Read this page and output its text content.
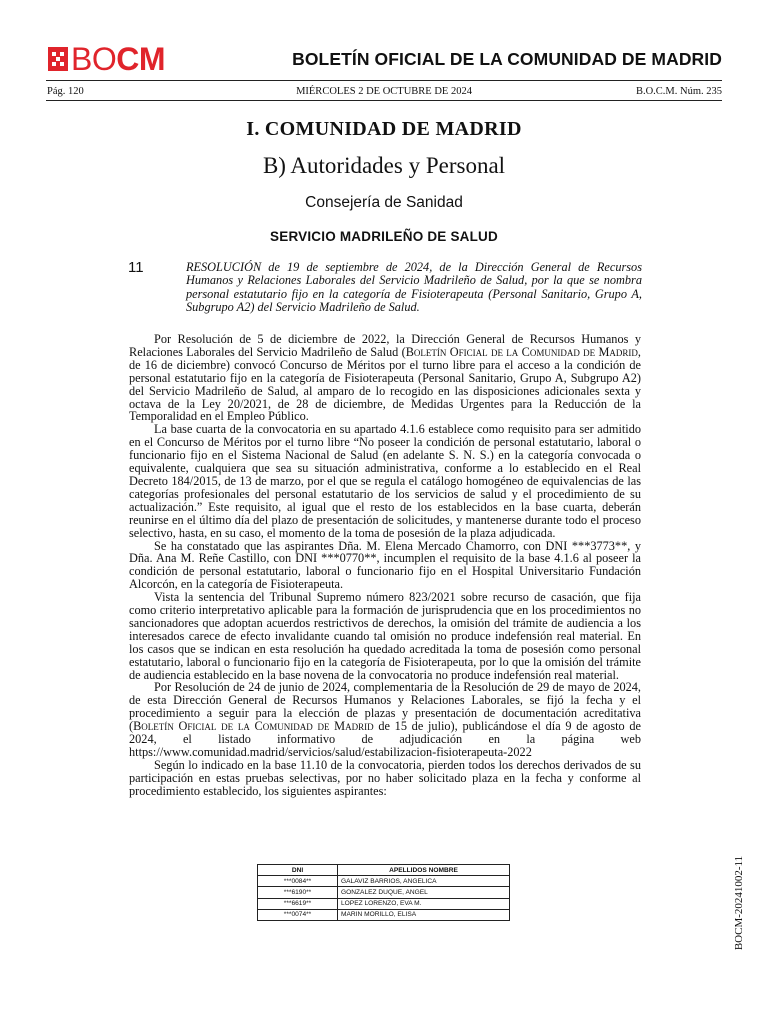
BOCM	BOLETÍN OFICIAL DE LA COMUNIDAD DE MADRID
Pág. 120	MIÉRCOLES 2 DE OCTUBRE DE 2024	B.O.C.M. Núm. 235
I. COMUNIDAD DE MADRID
B) Autoridades y Personal
Consejería de Sanidad
SERVICIO MADRILEÑO DE SALUD
11	RESOLUCIÓN de 19 de septiembre de 2024, de la Dirección General de Recursos Humanos y Relaciones Laborales del Servicio Madrileño de Salud, por la que se nombra personal estatutario fijo en la categoría de Fisioterapeuta (Personal Sanitario, Grupo A, Subgrupo A2) del Servicio Madrileño de Salud.

Por Resolución de 5 de diciembre de 2022, la Dirección General de Recursos Humanos y Relaciones Laborales del Servicio Madrileño de Salud (Boletín Oficial de la Comunidad de Madrid, de 16 de diciembre) convocó Concurso de Méritos por el turno libre para el acceso a la condición de personal estatutario fijo en la categoría de Fisioterapeuta (Personal Sanitario, Grupo A, Subgrupo A2) del Servicio Madrileño de Salud, al amparo de lo recogido en las disposiciones adicionales sexta y octava de la Ley 20/2021, de 28 de diciembre, de Medidas Urgentes para la Reducción de la Temporalidad en el Empleo Público.

La base cuarta de la convocatoria en su apartado 4.1.6 establece como requisito para ser admitido en el Concurso de Méritos por el turno libre “No poseer la condición de personal estatutario, laboral o funcionario fijo en el Sistema Nacional de Salud (en adelante S. N. S.) en la categoría convocada o equivalente, cualquiera que sea su situación administrativa, conforme a lo establecido en el Real Decreto 184/2015, de 13 de marzo, por el que se regula el catálogo homogéneo de equivalencias de las categorías profesionales del personal estatutario de los servicios de salud y el procedimiento de su actualización.” Este requisito, al igual que el resto de los establecidos en la base cuarta, deberán reunirse en el último día del plazo de presentación de solicitudes, y mantenerse durante todo el proceso selectivo, hasta, en su caso, el momento de la toma de posesión de la plaza adjudicada.

Se ha constatado que las aspirantes Dña. M. Elena Mercado Chamorro, con DNI ***3773**, y Dña. Ana M. Reñe Castillo, con DNI ***0770**, incumplen el requisito de la base 4.1.6 al poseer la condición de personal estatutario, laboral o funcionario fijo en el Hospital Universitario Fundación Alcorcón, en la categoría de Fisioterapeuta.

Vista la sentencia del Tribunal Supremo número 823/2021 sobre recurso de casación, que fija como criterio interpretativo aplicable para la formación de jurisprudencia que en los procedimientos no sancionadores que adoptan acuerdos restrictivos de derechos, la omisión del trámite de audiencia a los interesados carece de efecto invalidante cuando tal omisión no produce indefensión real material. En los casos que se indican en esta resolución ha quedado acreditada la toma de posesión como personal estatutario, laboral o funcionario fijo en la categoría de Fisioterapeuta, por lo que la omisión del trámite de audiencia establecido en la base novena de la convocatoria no produce indefensión real material.

Por Resolución de 24 de junio de 2024, complementaria de la Resolución de 29 de mayo de 2024, de esta Dirección General de Recursos Humanos y Relaciones Laborales, se fijó la fecha y el procedimiento a seguir para la elección de plazas y presentación de documentación acreditativa (Boletín Oficial de la Comunidad de Madrid de 15 de julio), publicándose el día 9 de agosto de 2024, el listado informativo de adjudicación en la página web https://www.comunidad.madrid/servicios/salud/estabilizacion-fisioterapeuta-2022

Según lo indicado en la base 11.10 de la convocatoria, pierden todos los derechos derivados de su participación en estas pruebas selectivas, por no haber solicitado plaza en la fecha y conforme al procedimiento establecido, los siguientes aspirantes:

DNI	APELLIDOS NOMBRE
***0084**	GALAVIZ BARRIOS, ANGELICA
***6190**	GONZALEZ DUQUE, ANGEL
***6619**	LOPEZ LORENZO, EVA M.
***0074**	MARIN MORILLO, ELISA	BOCM-20241002-11
